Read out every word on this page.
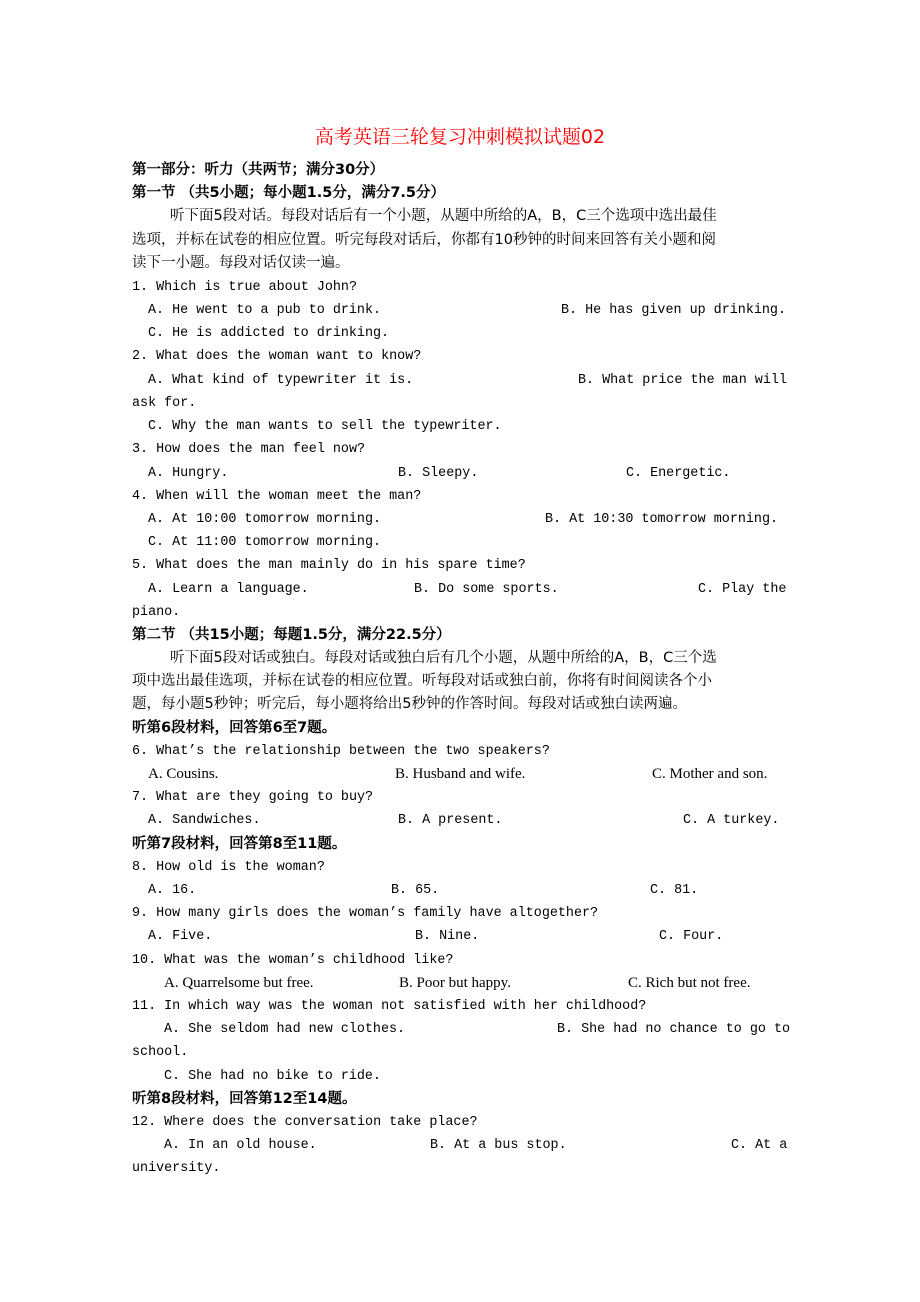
高考英语三轮复习冲刺模拟试题02
第一部分：听力（共两节；满分30分）
第一节 （共5小题；每小题1.5分，满分7.5分）
听下面5段对话。每段对话后有一个小题，从题中所给的A，B，C三个选项中选出最佳
选项，并标在试卷的相应位置。听完每段对话后，你都有10秒钟的时间来回答有关小题和阅
读下一小题。每段对话仅读一遍。
1. Which is true about John?
A. He went to a pub to drink.	B. He has given up drinking.
C. He is addicted to drinking.
2. What does the woman want to know?
A. What kind of typewriter it is.	B. What price the man will
ask for.
C. Why the man wants to sell the typewriter.
3. How does the man feel now?
A. Hungry.	B. Sleepy.	C. Energetic.
4. When will the woman meet the man?
A. At 10:00 tomorrow morning.	B. At 10:30 tomorrow morning.
C. At 11:00 tomorrow morning.
5. What does the man mainly do in his spare time?
A. Learn a language.	B. Do some sports.	C. Play the
piano.
第二节 （共15小题；每题1.5分，满分22.5分）
听下面5段对话或独白。每段对话或独白后有几个小题，从题中所给的A，B，C三个选
项中选出最佳选项，并标在试卷的相应位置。听每段对话或独白前，你将有时间阅读各个小
题，每小题5秒钟；听完后，每小题将给出5秒钟的作答时间。每段对话或独白读两遍。
听第6段材料，回答第6至7题。
6. What’s the relationship between the two speakers?
A. Cousins.	B. Husband and wife.	C. Mother and son.
7. What are they going to buy?
A. Sandwiches.	B. A present.	C. A turkey.
听第7段材料，回答第8至11题。
8. How old is the woman?
A. 16.	B. 65.	C. 81.
9. How many girls does the woman’s family have altogether?
A. Five.	B. Nine.	C. Four.
10. What was the woman’s childhood like?
A. Quarrelsome but free.	B. Poor but happy.	C. Rich but not free.
11. In which way was the woman not satisfied with her childhood?
A. She seldom had new clothes.	B. She had no chance to go to
school.
C. She had no bike to ride.
听第8段材料，回答第12至14题。
12. Where does the conversation take place?
A. In an old house.	B. At a bus stop.	C. At a
university.
